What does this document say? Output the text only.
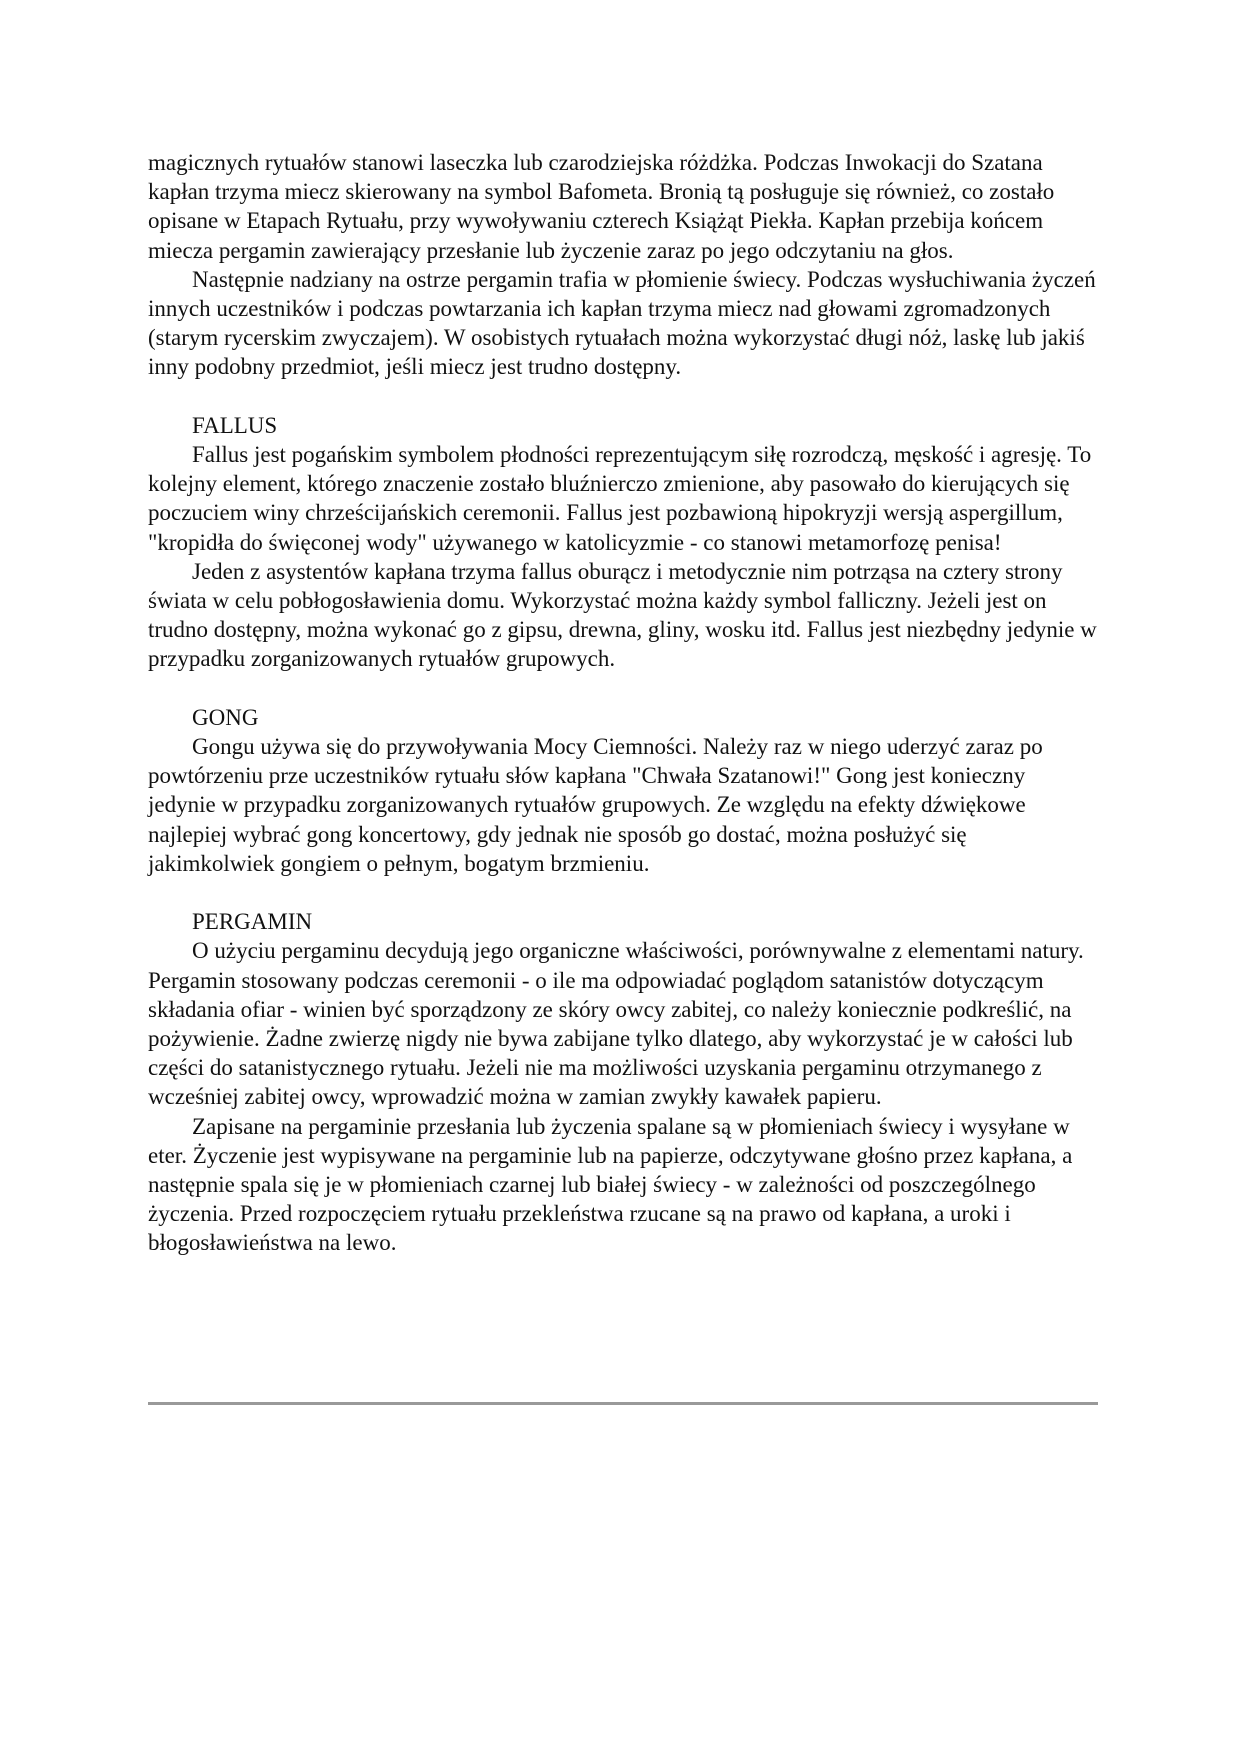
magicznych rytuałów stanowi laseczka lub czarodziejska różdżka. Podczas Inwokacji do Szatana kapłan trzyma miecz skierowany na symbol Bafometa. Bronią tą posługuje się również, co zostało opisane w Etapach Rytuału, przy wywoływaniu czterech Książąt Piekła. Kapłan przebija końcem miecza pergamin zawierający przesłanie lub życzenie zaraz po jego odczytaniu na głos.

Następnie nadziany na ostrze pergamin trafia w płomienie świecy. Podczas wysłuchiwania życzeń innych uczestników i podczas powtarzania ich kapłan trzyma miecz nad głowami zgromadzonych (starym rycerskim zwyczajem). W osobistych rytuałach można wykorzystać długi nóż, laskę lub jakiś inny podobny przedmiot, jeśli miecz jest trudno dostępny.

FALLUS

Fallus jest pogańskim symbolem płodności reprezentującym siłę rozrodczą, męskość i agresję. To kolejny element, którego znaczenie zostało bluźnierczo zmienione, aby pasowało do kierujących się poczuciem winy chrześcijańskich ceremonii. Fallus jest pozbawioną hipokryzji wersją aspergillum, "kropidła do święconej wody" używanego w katolicyzmie - co stanowi metamorfozę penisa!

Jeden z asystentów kapłana trzyma fallus oburącz i metodycznie nim potrząsa na cztery strony świata w celu pobłogosławienia domu. Wykorzystać można każdy symbol falliczny. Jeżeli jest on trudno dostępny, można wykonać go z gipsu, drewna, gliny, wosku itd. Fallus jest niezbędny jedynie w przypadku zorganizowanych rytuałów grupowych.

GONG

Gongu używa się do przywoływania Mocy Ciemności. Należy raz w niego uderzyć zaraz po powtórzeniu prze uczestników rytuału słów kapłana "Chwała Szatanowi!" Gong jest konieczny jedynie w przypadku zorganizowanych rytuałów grupowych. Ze względu na efekty dźwiękowe najlepiej wybrać gong koncertowy, gdy jednak nie sposób go dostać, można posłużyć się jakimkolwiek gongiem o pełnym, bogatym brzmieniu.

PERGAMIN

O użyciu pergaminu decydują jego organiczne właściwości, porównywalne z elementami natury. Pergamin stosowany podczas ceremonii - o ile ma odpowiadać poglądom satanistów dotyczącym składania ofiar - winien być sporządzony ze skóry owcy zabitej, co należy koniecznie podkreślić, na pożywienie. Żadne zwierzę nigdy nie bywa zabijane tylko dlatego, aby wykorzystać je w całości lub części do satanistycznego rytuału. Jeżeli nie ma możliwości uzyskania pergaminu otrzymanego z wcześniej zabitej owcy, wprowadzić można w zamian zwykły kawałek papieru.

Zapisane na pergaminie przesłania lub życzenia spalane są w płomieniach świecy i wysyłane w eter. Życzenie jest wypisywane na pergaminie lub na papierze, odczytywane głośno przez kapłana, a następnie spala się je w płomieniach czarnej lub białej świecy - w zależności od poszczególnego życzenia. Przed rozpoczęciem rytuału przekleństwa rzucane są na prawo od kapłana, a uroki i błogosławieństwa na lewo.
